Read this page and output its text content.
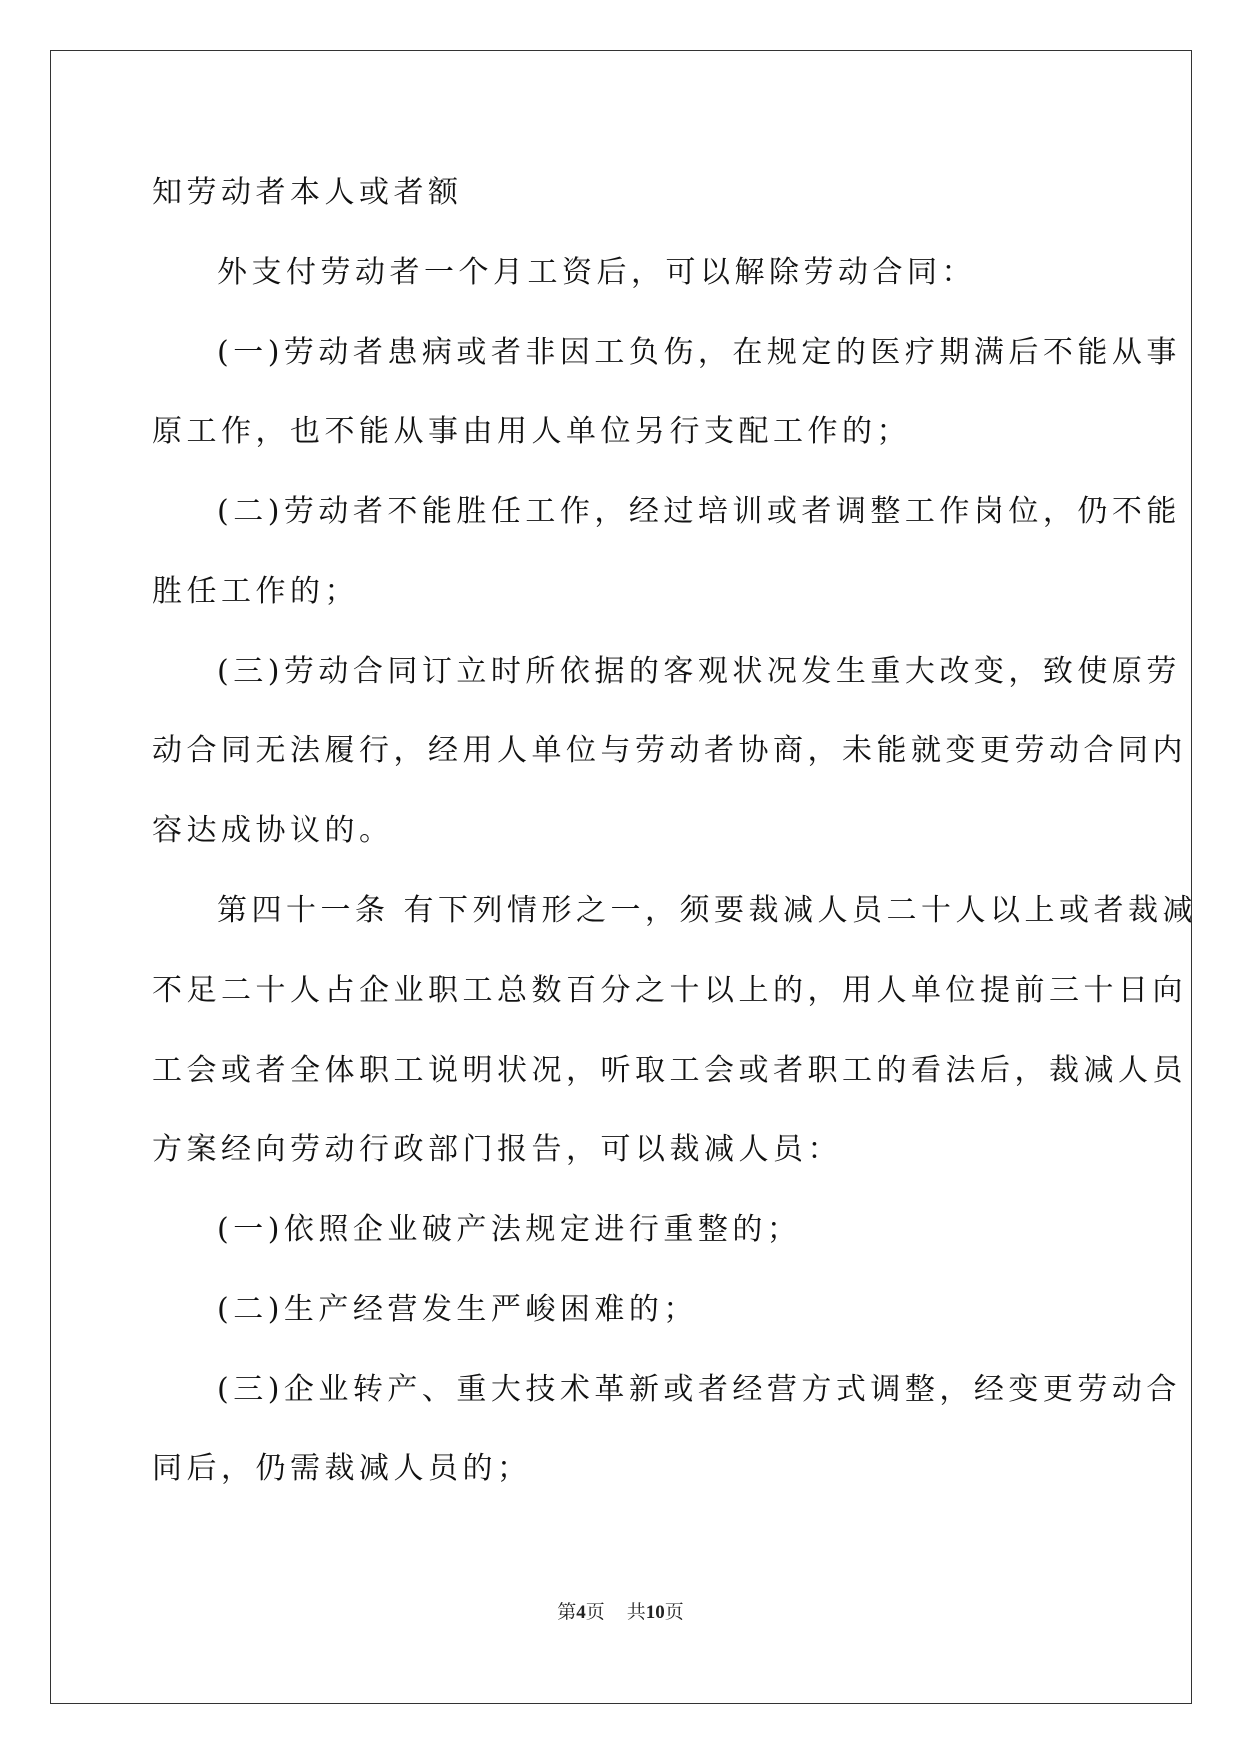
知劳动者本人或者额

外支付劳动者一个月工资后，可以解除劳动合同：

(一)劳动者患病或者非因工负伤，在规定的医疗期满后不能从事

原工作，也不能从事由用人单位另行支配工作的；

(二)劳动者不能胜任工作，经过培训或者调整工作岗位，仍不能

胜任工作的；

(三)劳动合同订立时所依据的客观状况发生重大改变，致使原劳

动合同无法履行，经用人单位与劳动者协商，未能就变更劳动合同内

容达成协议的。

第四十一条 有下列情形之一，须要裁减人员二十人以上或者裁减

不足二十人占企业职工总数百分之十以上的，用人单位提前三十日向

工会或者全体职工说明状况，听取工会或者职工的看法后，裁减人员

方案经向劳动行政部门报告，可以裁减人员：

(一)依照企业破产法规定进行重整的；

(二)生产经营发生严峻困难的；

(三)企业转产、重大技术革新或者经营方式调整，经变更劳动合

同后，仍需裁减人员的；

第4页 共10页
